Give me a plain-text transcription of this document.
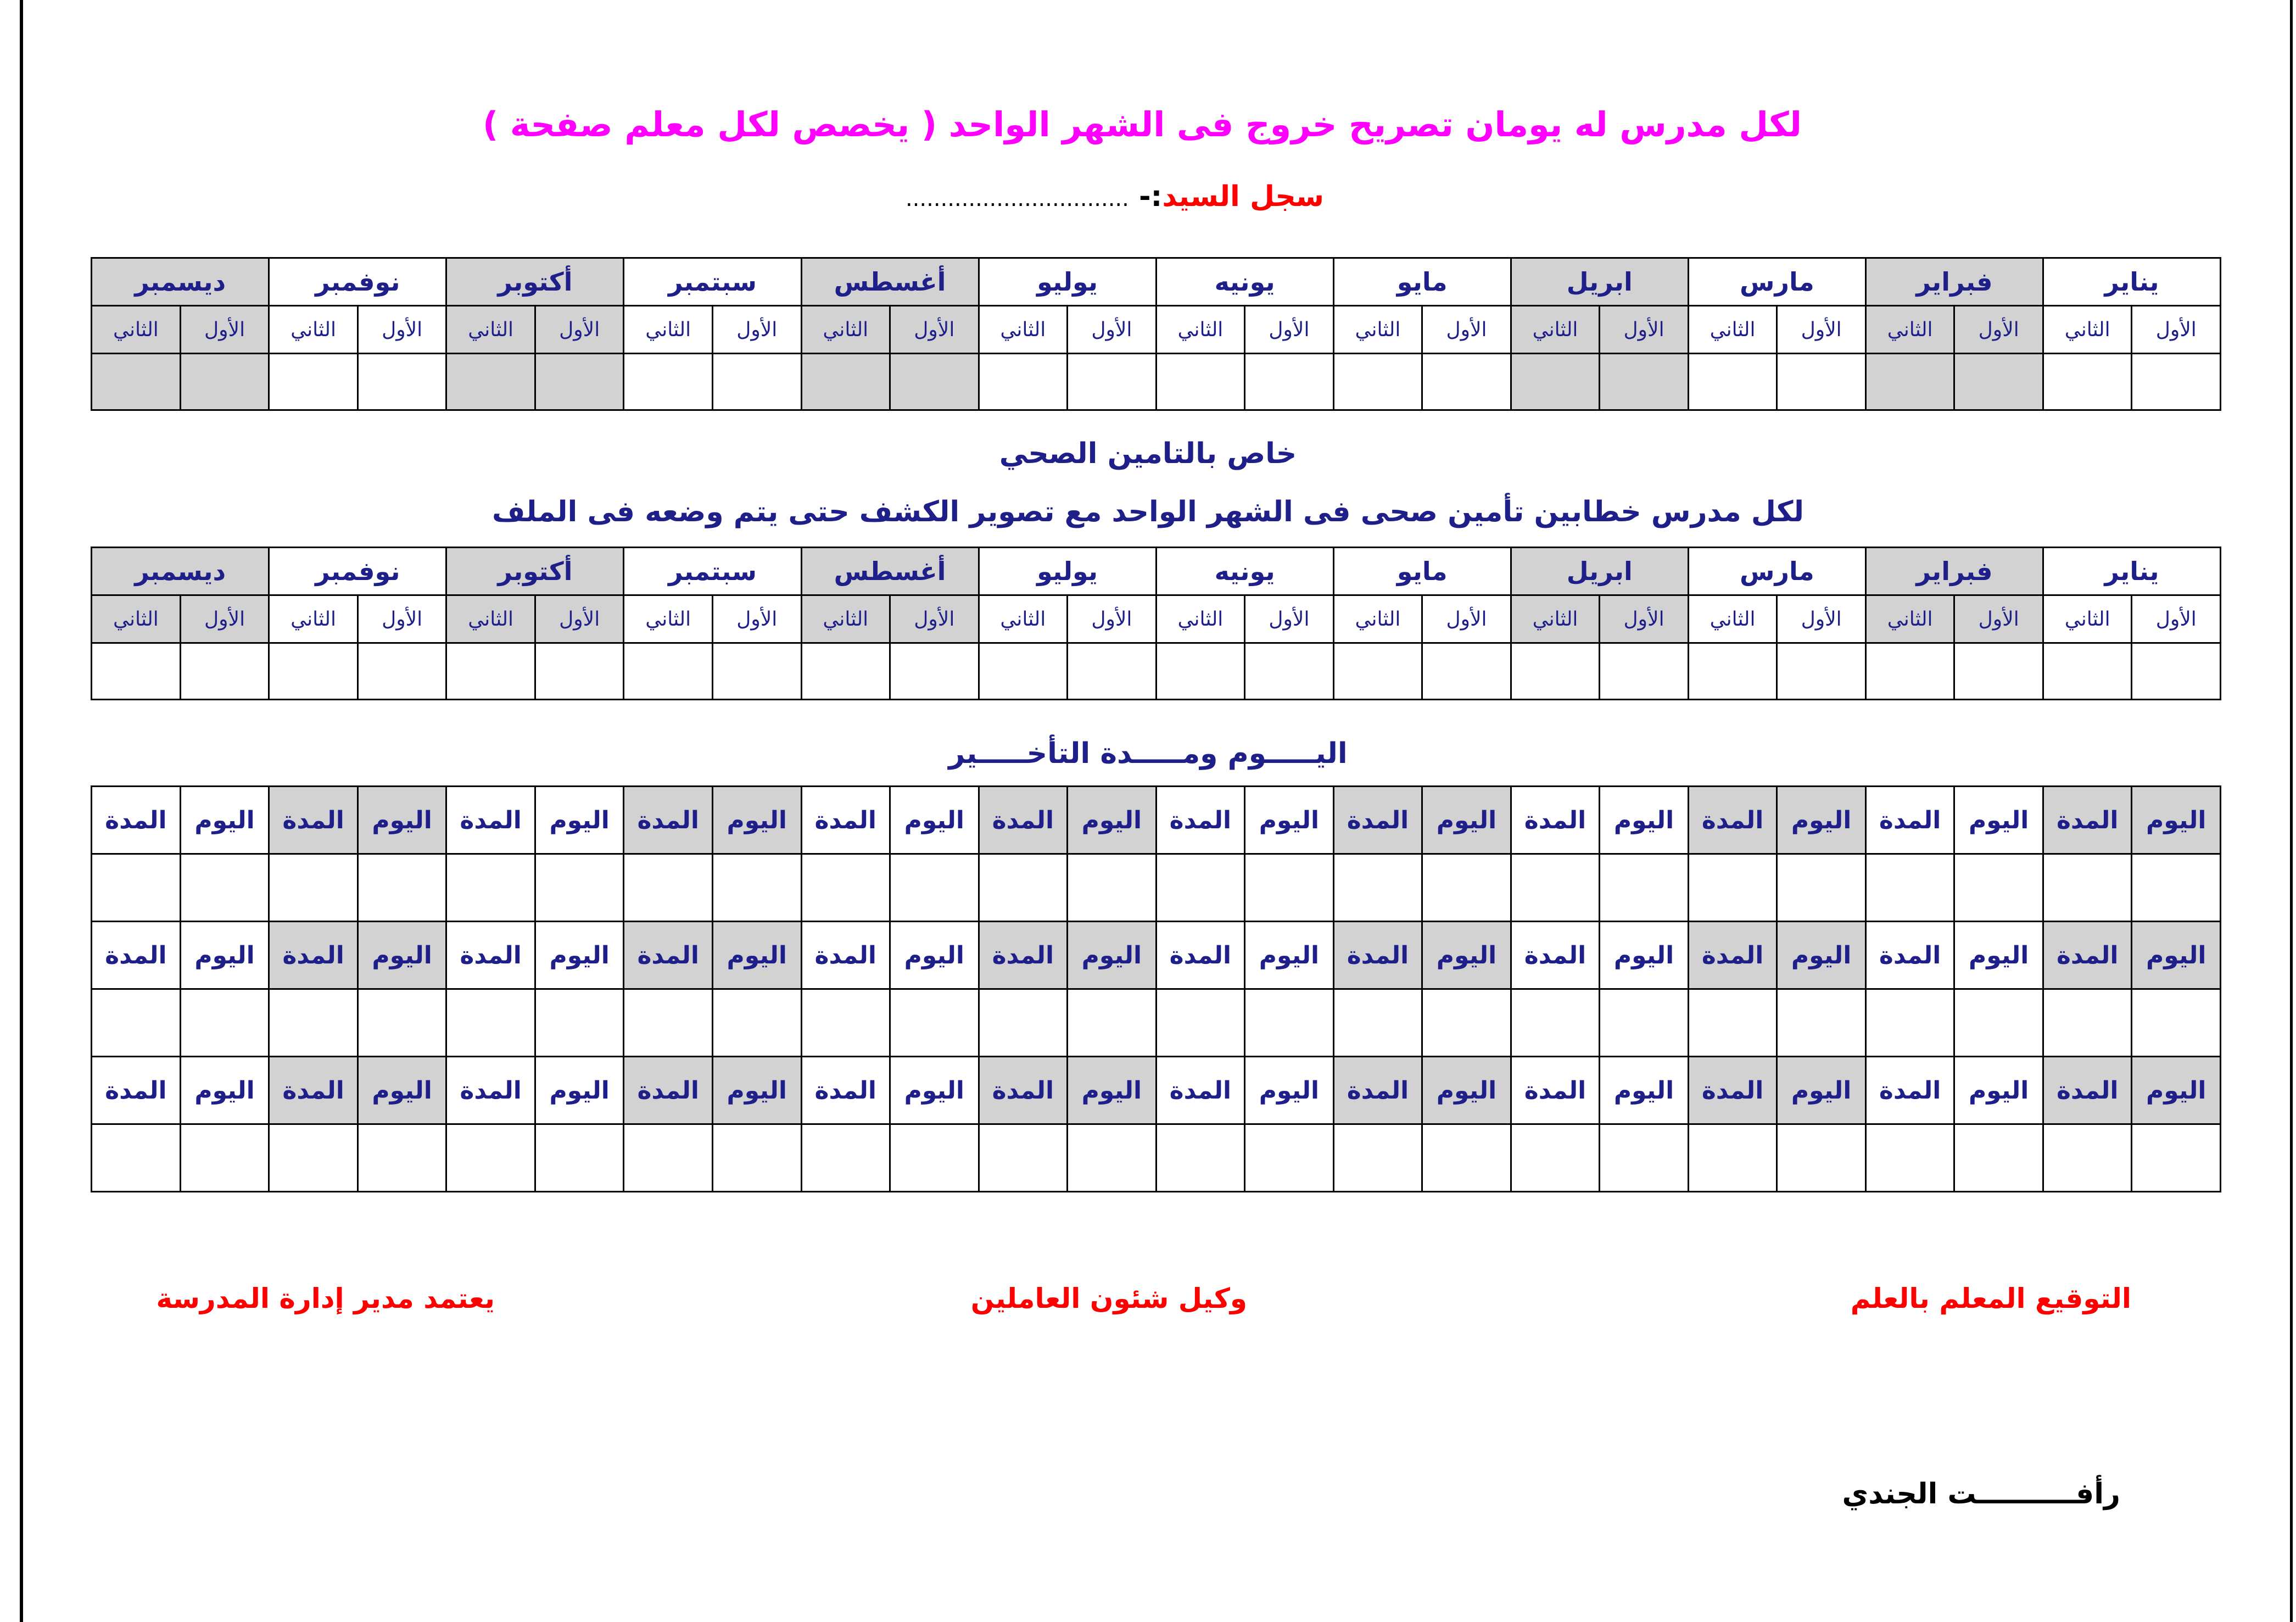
لكل مدرس له يومان تصريح خروج فى الشهر الواحد ( يخصص لكل معلم صفحة )
سجل السيد:- ................................
يناير		فبراير		مارس		ابريل		مايو		يونيه		يوليو		أغسطس		سبتمبر		أكتوبر		نوفمبر		ديسمبر	
الأول	الثاني	الأول	الثاني	الأول	الثاني	الأول	الثاني	الأول	الثاني	الأول	الثاني	الأول	الثاني	الأول	الثاني	الأول	الثاني	الأول	الثاني	الأول	الثاني	الأول	الثاني

خاص بالتامين الصحي
لكل مدرس خطابين تأمين صحى فى الشهر الواحد مع تصوير الكشف حتى يتم وضعه فى الملف
يناير		فبراير		مارس		ابريل		مايو		يونيه		يوليو		أغسطس		سبتمبر		أكتوبر		نوفمبر		ديسمبر	
الأول	الثاني	الأول	الثاني	الأول	الثاني	الأول	الثاني	الأول	الثاني	الأول	الثاني	الأول	الثاني	الأول	الثاني	الأول	الثاني	الأول	الثاني	الأول	الثاني	الأول	الثاني

اليـــــوم ومـــــدة التأخـــــير
اليوم	المدة	اليوم	المدة	اليوم	المدة	اليوم	المدة	اليوم	المدة	اليوم	المدة	اليوم	المدة	اليوم	المدة	اليوم	المدة	اليوم	المدة	اليوم	المدة	اليوم	المدة

اليوم	المدة	اليوم	المدة	اليوم	المدة	اليوم	المدة	اليوم	المدة	اليوم	المدة	اليوم	المدة	اليوم	المدة	اليوم	المدة	اليوم	المدة	اليوم	المدة	اليوم	المدة

اليوم	المدة	اليوم	المدة	اليوم	المدة	اليوم	المدة	اليوم	المدة	اليوم	المدة	اليوم	المدة	اليوم	المدة	اليوم	المدة	اليوم	المدة	اليوم	المدة	اليوم	المدة

التوقيع المعلم بالعلم
وكيل شئون العاملين
يعتمد مدير إدارة المدرسة
رأفــــــــــت الجندي
